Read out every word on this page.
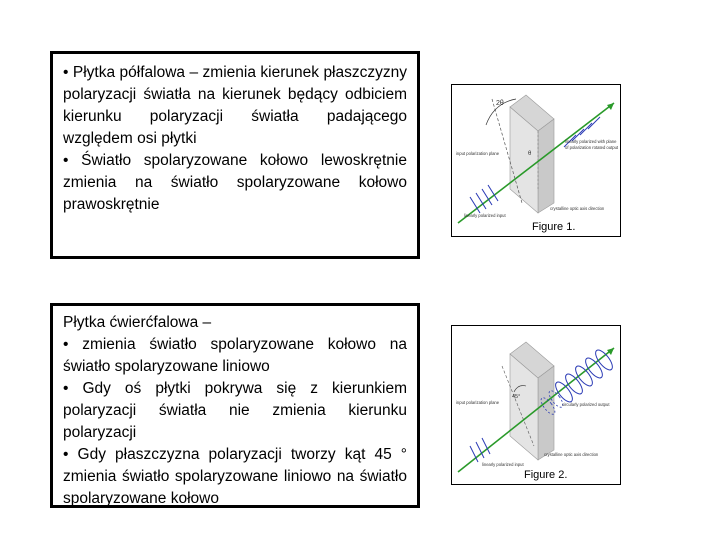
• Płytka półfalowa – zmienia kierunek płaszczyzny polaryzacji światła na kierunek będący odbiciem kierunku polaryzacji światła padającego względem osi płytki
• Światło spolaryzowane kołowo lewoskrętnie zmienia na światło spolaryzowane kołowo prawoskrętnie
Płytka ćwierćfalowa –
• zmienia światło spolaryzowane kołowo na światło spolaryzowane liniowo
• Gdy oś płytki pokrywa się z kierunkiem polaryzacji światła nie zmienia kierunku polaryzacji
• Gdy płaszczyzna polaryzacji tworzy kąt 45 ° zmienia światło spolaryzowane liniowo na światło spolaryzowane kołowo
2θ
θ
input polarization plane
linearly polarized with plane
of polarization rotated output
crystalline optic axis direction
linearly polarized input
Figure 1.
45°
input polarization plane	circularly polarized output
crystalline optic axis direction
linearly polarized input
Figure 2.
